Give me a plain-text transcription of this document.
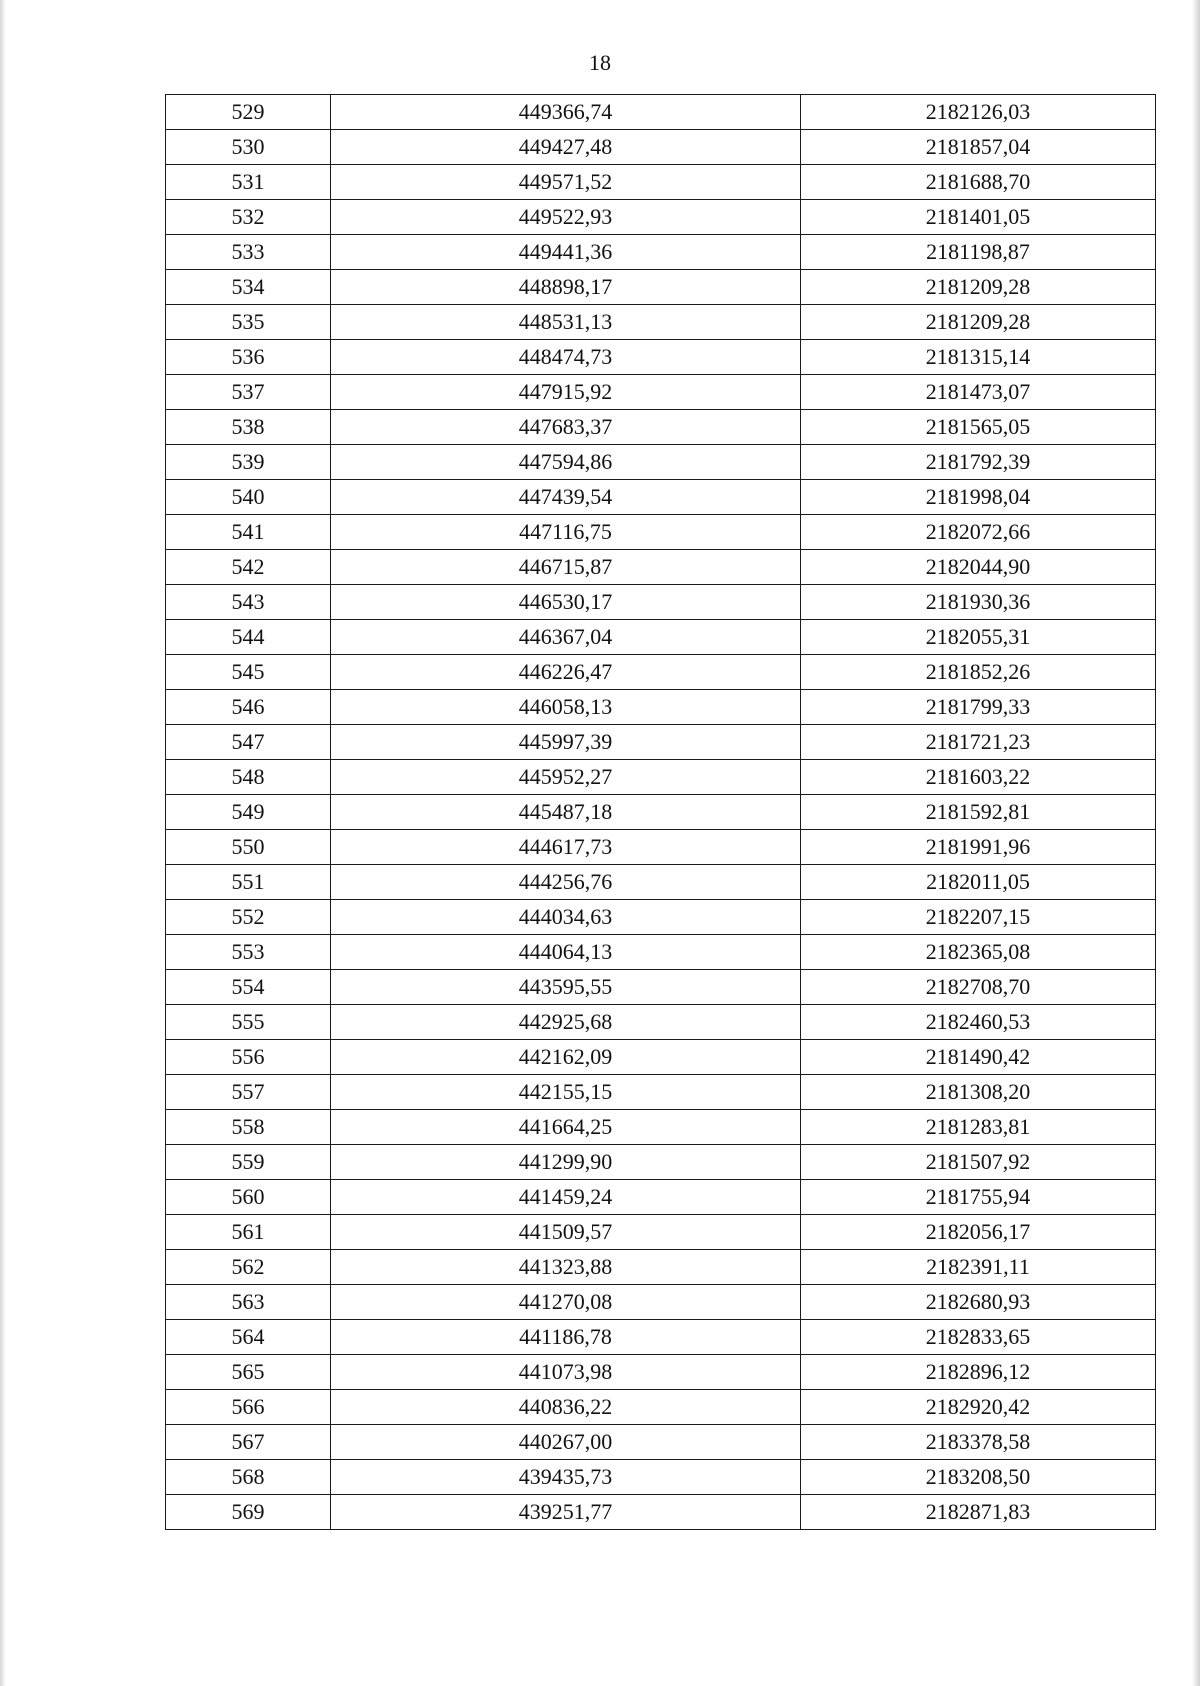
18
529	449366,74	2182126,03
530	449427,48	2181857,04
531	449571,52	2181688,70
532	449522,93	2181401,05
533	449441,36	2181198,87
534	448898,17	2181209,28
535	448531,13	2181209,28
536	448474,73	2181315,14
537	447915,92	2181473,07
538	447683,37	2181565,05
539	447594,86	2181792,39
540	447439,54	2181998,04
541	447116,75	2182072,66
542	446715,87	2182044,90
543	446530,17	2181930,36
544	446367,04	2182055,31
545	446226,47	2181852,26
546	446058,13	2181799,33
547	445997,39	2181721,23
548	445952,27	2181603,22
549	445487,18	2181592,81
550	444617,73	2181991,96
551	444256,76	2182011,05
552	444034,63	2182207,15
553	444064,13	2182365,08
554	443595,55	2182708,70
555	442925,68	2182460,53
556	442162,09	2181490,42
557	442155,15	2181308,20
558	441664,25	2181283,81
559	441299,90	2181507,92
560	441459,24	2181755,94
561	441509,57	2182056,17
562	441323,88	2182391,11
563	441270,08	2182680,93
564	441186,78	2182833,65
565	441073,98	2182896,12
566	440836,22	2182920,42
567	440267,00	2183378,58
568	439435,73	2183208,50
569	439251,77	2182871,83
